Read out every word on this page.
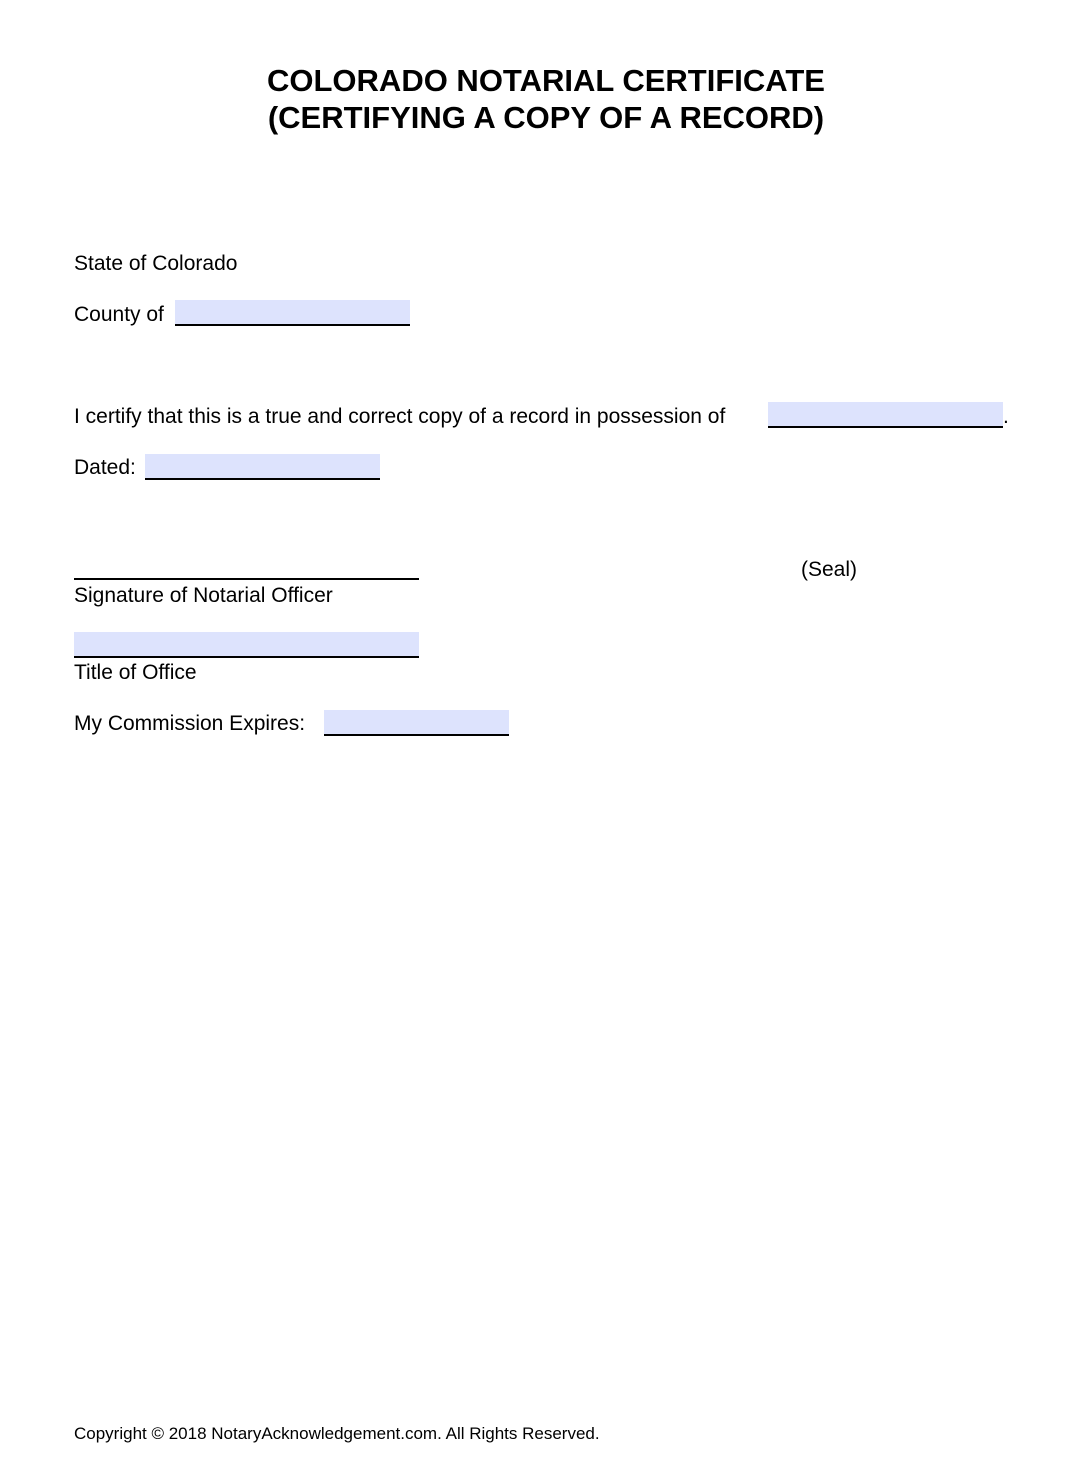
COLORADO NOTARIAL CERTIFICATE
(CERTIFYING A COPY OF A RECORD)
State of Colorado
County of
I certify that this is a true and correct copy of a record in possession of	.
Dated:
(Seal)
Signature of Notarial Officer
Title of Office
My Commission Expires:
Copyright © 2018 NotaryAcknowledgement.com. All Rights Reserved.
